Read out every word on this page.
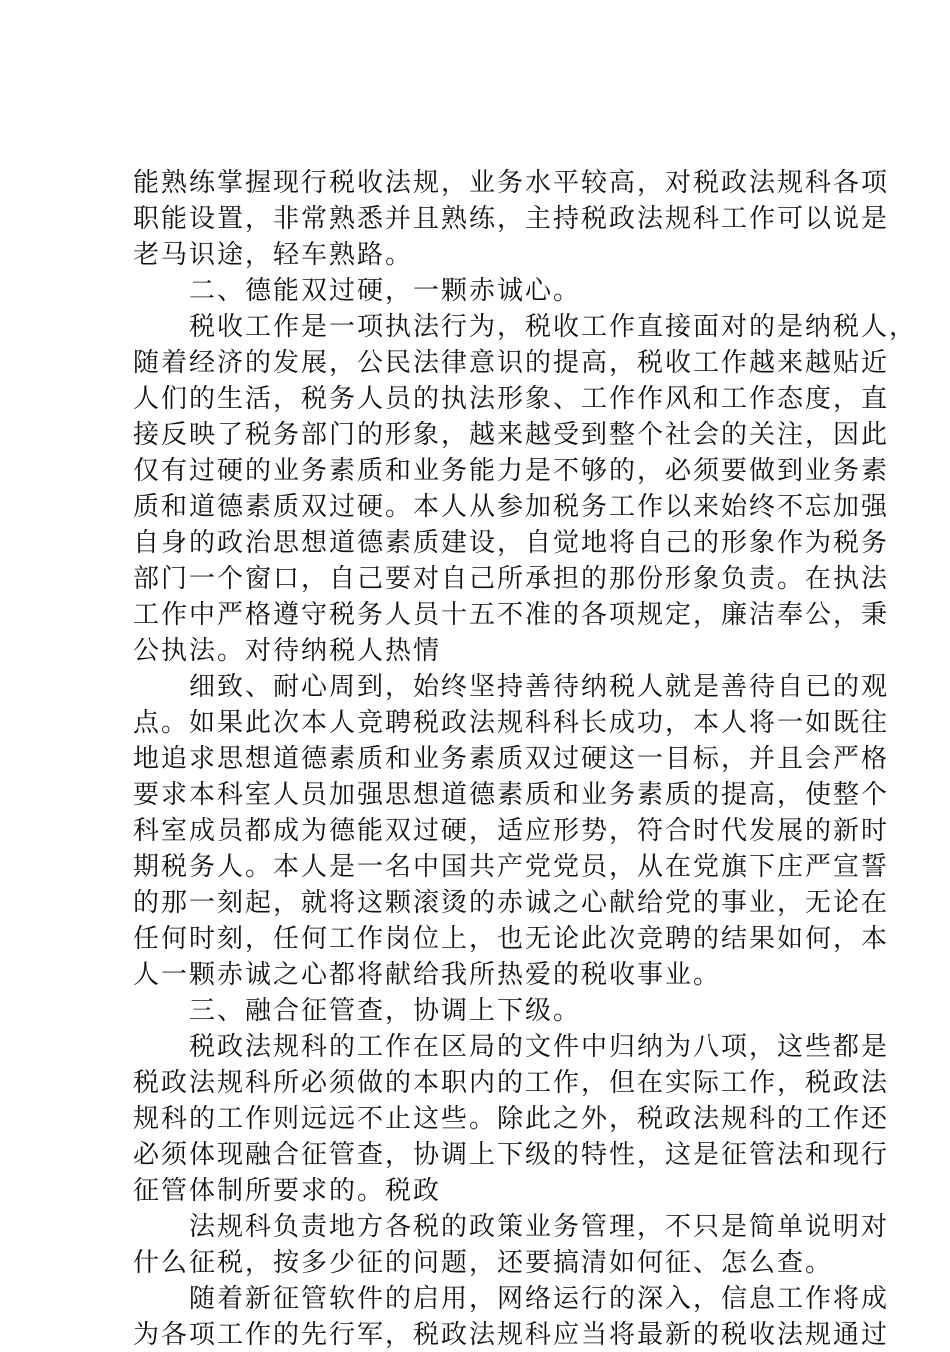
能熟练掌握现行税收法规，业务水平较高，对税政法规科各项
职能设置，非常熟悉并且熟练，主持税政法规科工作可以说是
老马识途，轻车熟路。
　　二、德能双过硬，一颗赤诚心。
　　税收工作是一项执法行为，税收工作直接面对的是纳税人，
随着经济的发展，公民法律意识的提高，税收工作越来越贴近
人们的生活，税务人员的执法形象、工作作风和工作态度，直
接反映了税务部门的形象，越来越受到整个社会的关注，因此
仅有过硬的业务素质和业务能力是不够的，必须要做到业务素
质和道德素质双过硬。本人从参加税务工作以来始终不忘加强
自身的政治思想道德素质建设，自觉地将自己的形象作为税务
部门一个窗口，自己要对自己所承担的那份形象负责。在执法
工作中严格遵守税务人员十五不准的各项规定，廉洁奉公，秉
公执法。对待纳税人热情
　　细致、耐心周到，始终坚持善待纳税人就是善待自已的观
点。如果此次本人竞聘税政法规科科长成功，本人将一如既往
地追求思想道德素质和业务素质双过硬这一目标，并且会严格
要求本科室人员加强思想道德素质和业务素质的提高，使整个
科室成员都成为德能双过硬，适应形势，符合时代发展的新时
期税务人。本人是一名中国共产党党员，从在党旗下庄严宣誓
的那一刻起，就将这颗滚烫的赤诚之心献给党的事业，无论在
任何时刻，任何工作岗位上，也无论此次竞聘的结果如何，本
人一颗赤诚之心都将献给我所热爱的税收事业。
　　三、融合征管查，协调上下级。
　　税政法规科的工作在区局的文件中归纳为八项，这些都是
税政法规科所必须做的本职内的工作，但在实际工作，税政法
规科的工作则远远不止这些。除此之外，税政法规科的工作还
必须体现融合征管查，协调上下级的特性，这是征管法和现行
征管体制所要求的。税政
　　法规科负责地方各税的政策业务管理，不只是简单说明对
什么征税，按多少征的问题，还要搞清如何征、怎么查。
　　随着新征管软件的启用，网络运行的深入，信息工作将成
为各项工作的先行军，税政法规科应当将最新的税收法规通过
